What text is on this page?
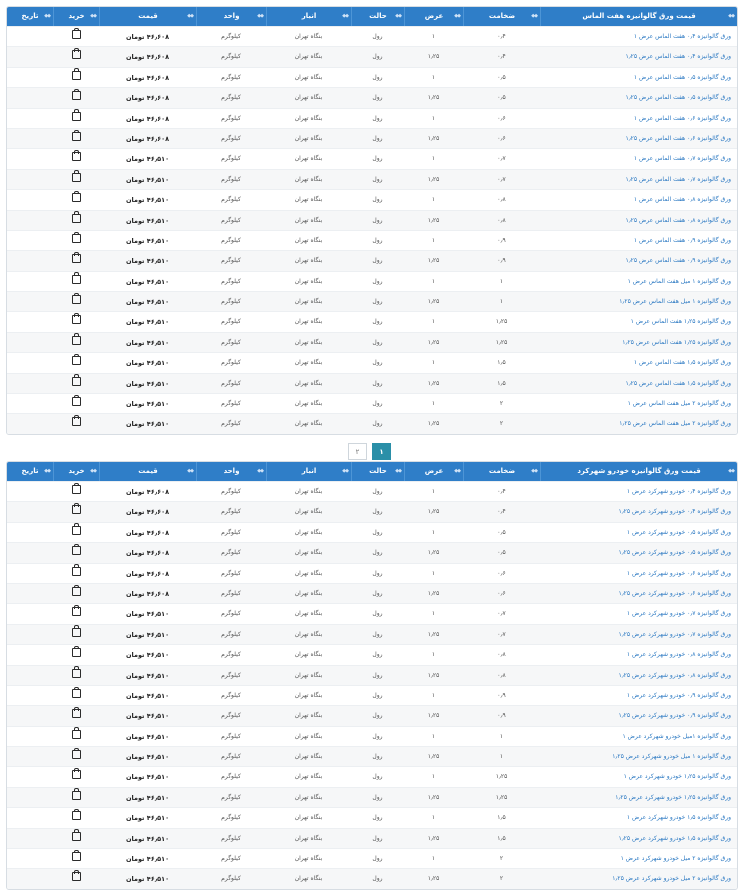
◆◆
قیمت ورق گالوانیزه هفت الماس
◆◆
ضخامت
◆◆
عرض
◆◆
حالت
◆◆
انبار
◆◆
واحد
◆◆
قیمت
◆◆
خرید
◆◆
تاریخ
ورق گالوانیزه ۰٫۴ هفت الماس عرض ۱
۰٫۴
۱
رول
بنگاه تهران
کیلوگرم
۴۶٫۶۰۸ تومان
ورق گالوانیزه ۰٫۴ هفت الماس عرض ۱٫۲۵
۰٫۴
۱٫۲۵
رول
بنگاه تهران
کیلوگرم
۴۶٫۶۰۸ تومان
ورق گالوانیزه ۰٫۵ هفت الماس عرض ۱
۰٫۵
۱
رول
بنگاه تهران
کیلوگرم
۴۶٫۶۰۸ تومان
ورق گالوانیزه ۰٫۵ هفت الماس عرض ۱٫۲۵
۰٫۵
۱٫۲۵
رول
بنگاه تهران
کیلوگرم
۴۶٫۶۰۸ تومان
ورق گالوانیزه ۰٫۶ هفت الماس عرض ۱
۰٫۶
۱
رول
بنگاه تهران
کیلوگرم
۴۶٫۶۰۸ تومان
ورق گالوانیزه ۰٫۶ هفت الماس عرض ۱٫۲۵
۰٫۶
۱٫۲۵
رول
بنگاه تهران
کیلوگرم
۴۶٫۶۰۸ تومان
ورق گالوانیزه ۰٫۷ هفت الماس عرض ۱
۰٫۷
۱
رول
بنگاه تهران
کیلوگرم
۴۶٫۵۱۰ تومان
ورق گالوانیزه ۰٫۷ هفت الماس عرض ۱٫۲۵
۰٫۷
۱٫۲۵
رول
بنگاه تهران
کیلوگرم
۴۶٫۵۱۰ تومان
ورق گالوانیزه ۰٫۸ هفت الماس عرض ۱
۰٫۸
۱
رول
بنگاه تهران
کیلوگرم
۴۶٫۵۱۰ تومان
ورق گالوانیزه ۰٫۸ هفت الماس عرض ۱٫۲۵
۰٫۸
۱٫۲۵
رول
بنگاه تهران
کیلوگرم
۴۶٫۵۱۰ تومان
ورق گالوانیزه ۰٫۹ هفت الماس عرض ۱
۰٫۹
۱
رول
بنگاه تهران
کیلوگرم
۴۶٫۵۱۰ تومان
ورق گالوانیزه ۰٫۹ هفت الماس عرض ۱٫۲۵
۰٫۹
۱٫۲۵
رول
بنگاه تهران
کیلوگرم
۴۶٫۵۱۰ تومان
ورق گالوانیزه ۱ میل هفت الماس عرض ۱
۱
۱
رول
بنگاه تهران
کیلوگرم
۴۶٫۵۱۰ تومان
ورق گالوانیزه ۱ میل هفت الماس عرض ۱٫۲۵
۱
۱٫۲۵
رول
بنگاه تهران
کیلوگرم
۴۶٫۵۱۰ تومان
ورق گالوانیزه ۱٫۲۵ هفت الماس عرض ۱
۱٫۲۵
۱
رول
بنگاه تهران
کیلوگرم
۴۶٫۵۱۰ تومان
ورق گالوانیزه ۱٫۲۵ هفت الماس عرض ۱٫۲۵
۱٫۲۵
۱٫۲۵
رول
بنگاه تهران
کیلوگرم
۴۶٫۵۱۰ تومان
ورق گالوانیزه ۱٫۵ هفت الماس عرض ۱
۱٫۵
۱
رول
بنگاه تهران
کیلوگرم
۴۶٫۵۱۰ تومان
ورق گالوانیزه ۱٫۵ هفت الماس عرض ۱٫۲۵
۱٫۵
۱٫۲۵
رول
بنگاه تهران
کیلوگرم
۴۶٫۵۱۰ تومان
ورق گالوانیزه ۲ میل هفت الماس عرض ۱
۲
۱
رول
بنگاه تهران
کیلوگرم
۴۶٫۵۱۰ تومان
ورق گالوانیزه ۲ میل هفت الماس عرض ۱٫۲۵
۲
۱٫۲۵
رول
بنگاه تهران
کیلوگرم
۴۶٫۵۱۰ تومان
۲	۱
◆◆
قیمت ورق گالوانیزه خودرو شهرکرد
◆◆
ضخامت
◆◆
عرض
◆◆
حالت
◆◆
انبار
◆◆
واحد
◆◆
قیمت
◆◆
خرید
◆◆
تاریخ
ورق گالوانیزه ۰٫۴ خودرو شهرکرد عرض ۱
۰٫۴
۱
رول
بنگاه تهران
کیلوگرم
۴۶٫۶۰۸ تومان
ورق گالوانیزه ۰٫۴ خودرو شهرکرد عرض ۱٫۲۵
۰٫۴
۱٫۲۵
رول
بنگاه تهران
کیلوگرم
۴۶٫۶۰۸ تومان
ورق گالوانیزه ۰٫۵ خودرو شهرکرد عرض ۱
۰٫۵
۱
رول
بنگاه تهران
کیلوگرم
۴۶٫۶۰۸ تومان
ورق گالوانیزه ۰٫۵ خودرو شهرکرد عرض ۱٫۲۵
۰٫۵
۱٫۲۵
رول
بنگاه تهران
کیلوگرم
۴۶٫۶۰۸ تومان
ورق گالوانیزه ۰٫۶ خودرو شهرکرد عرض ۱
۰٫۶
۱
رول
بنگاه تهران
کیلوگرم
۴۶٫۶۰۸ تومان
ورق گالوانیزه ۰٫۶ خودرو شهرکرد عرض ۱٫۲۵
۰٫۶
۱٫۲۵
رول
بنگاه تهران
کیلوگرم
۴۶٫۶۰۸ تومان
ورق گالوانیزه ۰٫۷ خودرو شهرکرد عرض ۱
۰٫۷
۱
رول
بنگاه تهران
کیلوگرم
۴۶٫۵۱۰ تومان
ورق گالوانیزه ۰٫۷ خودرو شهرکرد عرض ۱٫۲۵
۰٫۷
۱٫۲۵
رول
بنگاه تهران
کیلوگرم
۴۶٫۵۱۰ تومان
ورق گالوانیزه ۰٫۸ خودرو شهرکرد عرض ۱
۰٫۸
۱
رول
بنگاه تهران
کیلوگرم
۴۶٫۵۱۰ تومان
ورق گالوانیزه ۰٫۸ خودرو شهرکرد عرض ۱٫۲۵
۰٫۸
۱٫۲۵
رول
بنگاه تهران
کیلوگرم
۴۶٫۵۱۰ تومان
ورق گالوانیزه ۰٫۹ خودرو شهرکرد عرض ۱
۰٫۹
۱
رول
بنگاه تهران
کیلوگرم
۴۶٫۵۱۰ تومان
ورق گالوانیزه ۰٫۹ خودرو شهرکرد عرض ۱٫۲۵
۰٫۹
۱٫۲۵
رول
بنگاه تهران
کیلوگرم
۴۶٫۵۱۰ تومان
ورق گالوانیزه ۱میل خودرو شهرکرد عرض ۱
۱
۱
رول
بنگاه تهران
کیلوگرم
۴۶٫۵۱۰ تومان
ورق گالوانیزه ۱ میل خودرو شهرکرد عرض ۱٫۲۵
۱
۱٫۲۵
رول
بنگاه تهران
کیلوگرم
۴۶٫۵۱۰ تومان
ورق گالوانیزه ۱٫۲۵ خودرو شهرکرد عرض ۱
۱٫۲۵
۱
رول
بنگاه تهران
کیلوگرم
۴۶٫۵۱۰ تومان
ورق گالوانیزه ۱٫۲۵ خودرو شهرکرد عرض ۱٫۲۵
۱٫۲۵
۱٫۲۵
رول
بنگاه تهران
کیلوگرم
۴۶٫۵۱۰ تومان
ورق گالوانیزه ۱٫۵ خودرو شهرکرد عرض ۱
۱٫۵
۱
رول
بنگاه تهران
کیلوگرم
۴۶٫۵۱۰ تومان
ورق گالوانیزه ۱٫۵ خودرو شهرکرد عرض ۱٫۲۵
۱٫۵
۱٫۲۵
رول
بنگاه تهران
کیلوگرم
۴۶٫۵۱۰ تومان
ورق گالوانیزه ۲ میل خودرو شهرکرد عرض ۱
۲
۱
رول
بنگاه تهران
کیلوگرم
۴۶٫۵۱۰ تومان
ورق گالوانیزه ۲ میل خودرو شهرکرد عرض ۱٫۲۵
۲
۱٫۲۵
رول
بنگاه تهران
کیلوگرم
۴۶٫۵۱۰ تومان
